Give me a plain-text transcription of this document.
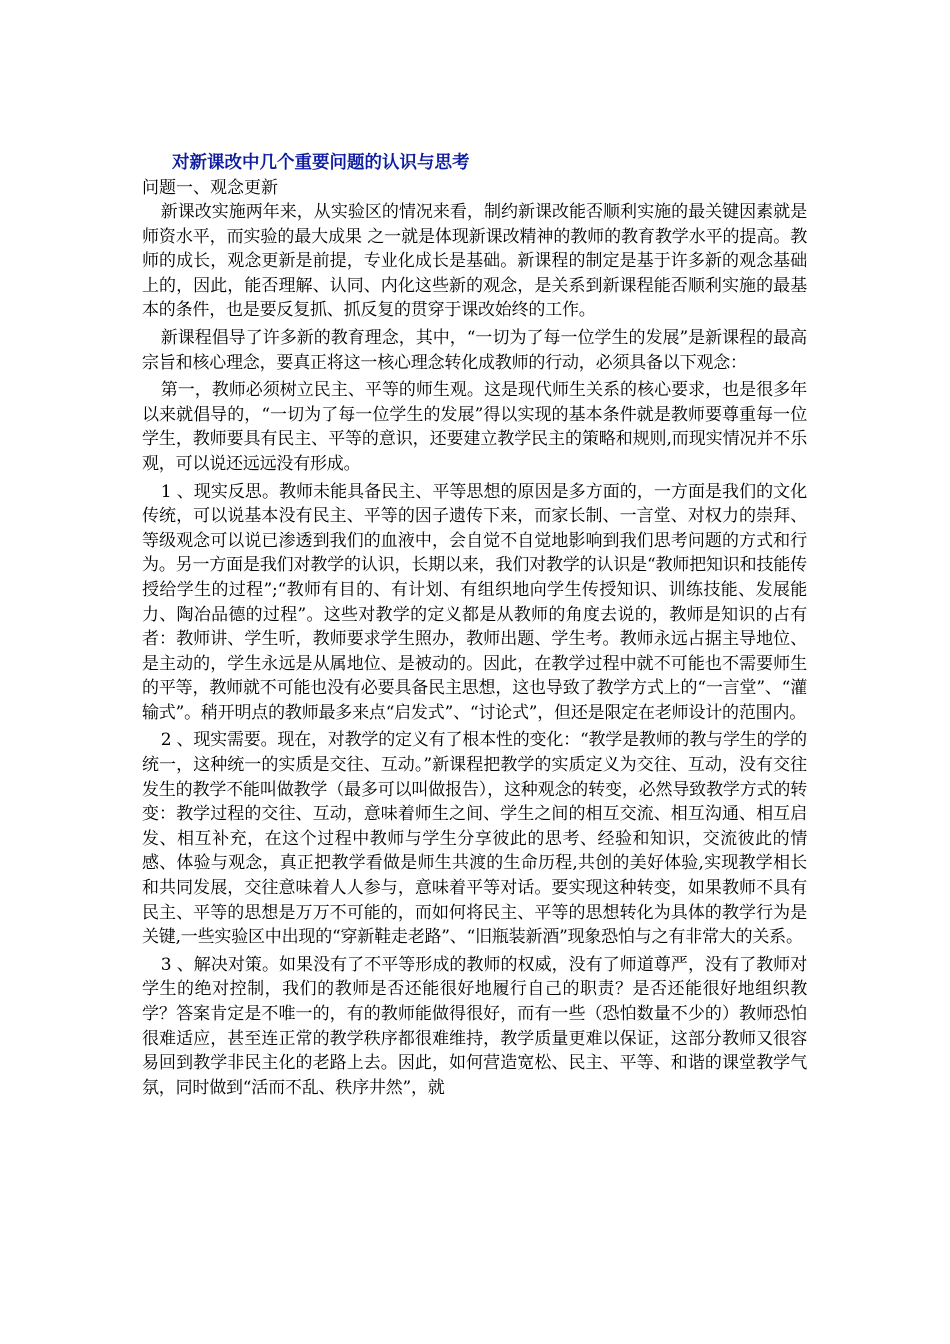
对新课改中几个重要问题的认识与思考

问题一、观念更新

新课改实施两年来，从实验区的情况来看，制约新课改能否顺利实施的最关键因素就是师资水平，而实验的最大成果 之一就是体现新课改精神的教师的教育教学水平的提高。教师的成长，观念更新是前提，专业化成长是基础。新课程的制定是基于许多新的观念基础上的，因此，能否理解、认同、内化这些新的观念，是关系到新课程能否顺利实施的最基本的条件，也是要反复抓、抓反复的贯穿于课改始终的工作。

新课程倡导了许多新的教育理念，其中，“一切为了每一位学生的发展”是新课程的最高宗旨和核心理念，要真正将这一核心理念转化成教师的行动，必须具备以下观念：

第一，教师必须树立民主、平等的师生观。这是现代师生关系的核心要求，也是很多年以来就倡导的，“一切为了每一位学生的发展”得以实现的基本条件就是教师要尊重每一位学生，教师要具有民主、平等的意识，还要建立教学民主的策略和规则,而现实情况并不乐观，可以说还远远没有形成。

1 、现实反思。教师未能具备民主、平等思想的原因是多方面的，一方面是我们的文化传统，可以说基本没有民主、平等的因子遗传下来，而家长制、一言堂、对权力的崇拜、等级观念可以说已渗透到我们的血液中，会自觉不自觉地影响到我们思考问题的方式和行为。另一方面是我们对教学的认识，长期以来，我们对教学的认识是“教师把知识和技能传授给学生的过程”;“教师有目的、有计划、有组织地向学生传授知识、训练技能、发展能力、陶冶品德的过程”。这些对教学的定义都是从教师的角度去说的，教师是知识的占有者：教师讲、学生听，教师要求学生照办，教师出题、学生考。教师永远占据主导地位、是主动的，学生永远是从属地位、是被动的。因此，在教学过程中就不可能也不需要师生的平等，教师就不可能也没有必要具备民主思想，这也导致了教学方式上的“一言堂”、“灌输式”。稍开明点的教师最多来点“启发式”、“讨论式”，但还是限定在老师设计的范围内。

2 、现实需要。现在，对教学的定义有了根本性的变化：“教学是教师的教与学生的学的统一，这种统一的实质是交往、互动。”新课程把教学的实质定义为交往、互动，没有交往发生的教学不能叫做教学（最多可以叫做报告），这种观念的转变，必然导致教学方式的转变：教学过程的交往、互动，意味着师生之间、学生之间的相互交流、相互沟通、相互启发、相互补充，在这个过程中教师与学生分享彼此的思考、经验和知识，交流彼此的情感、体验与观念，真正把教学看做是师生共渡的生命历程,共创的美好体验,实现教学相长和共同发展，交往意味着人人参与，意味着平等对话。要实现这种转变，如果教师不具有民主、平等的思想是万万不可能的，而如何将民主、平等的思想转化为具体的教学行为是关键,一些实验区中出现的“穿新鞋走老路”、“旧瓶装新酒”现象恐怕与之有非常大的关系。

3 、解决对策。如果没有了不平等形成的教师的权威，没有了师道尊严，没有了教师对学生的绝对控制，我们的教师是否还能很好地履行自己的职责？是否还能很好地组织教学？答案肯定是不唯一的，有的教师能做得很好，而有一些（恐怕数量不少的）教师恐怕很难适应，甚至连正常的教学秩序都很难维持，教学质量更难以保证，这部分教师又很容易回到教学非民主化的老路上去。因此，如何营造宽松、民主、平等、和谐的课堂教学气氛，同时做到“活而不乱、秩序井然”，就
